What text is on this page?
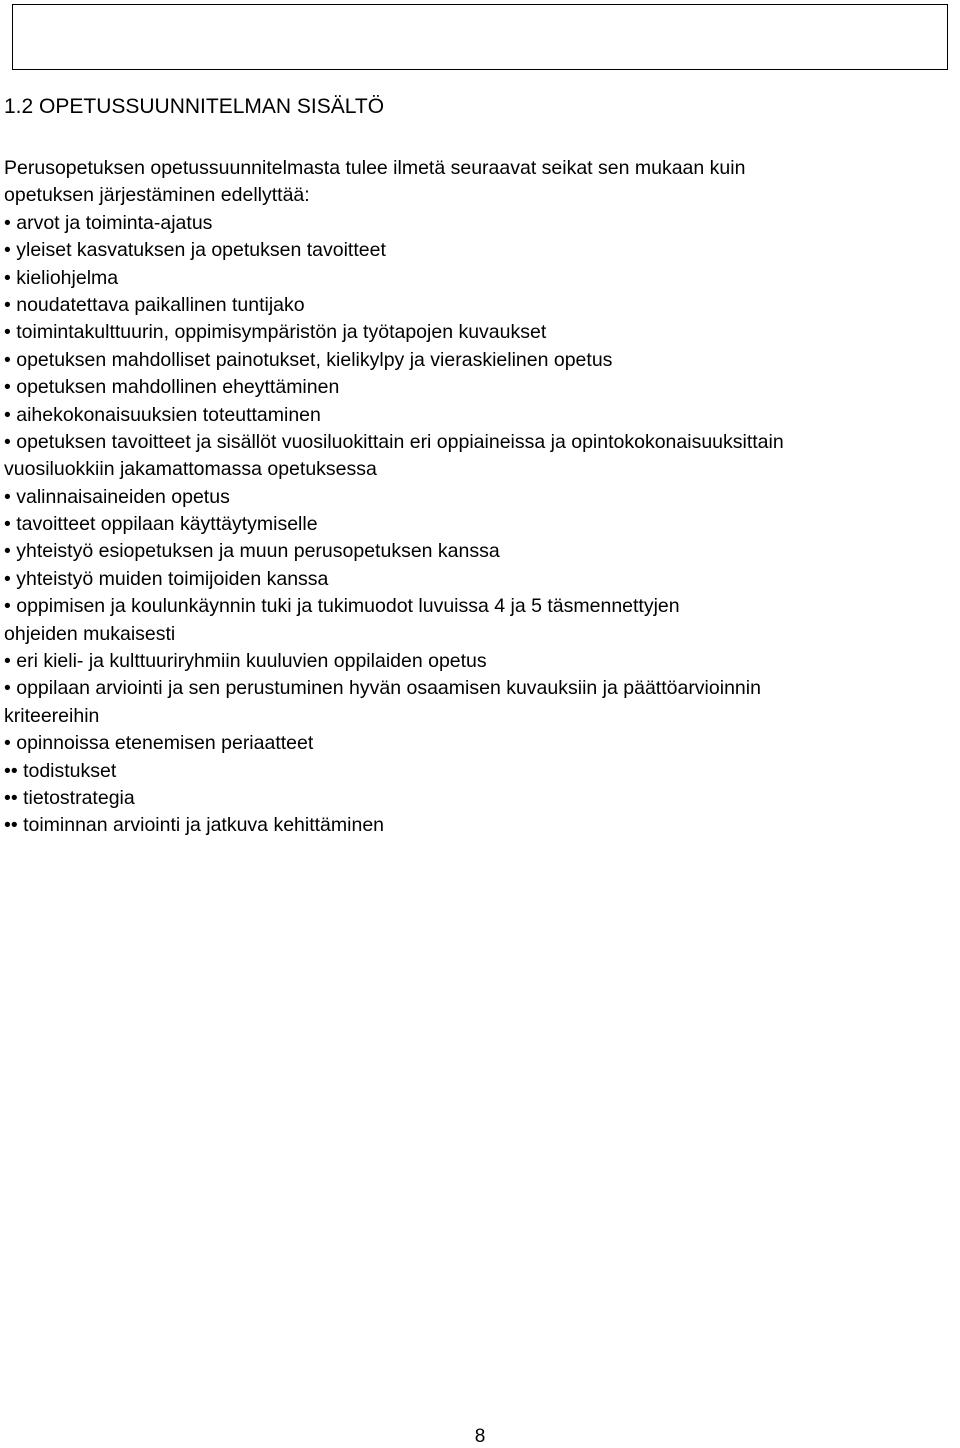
1.2 OPETUSSUUNNITELMAN SISÄLTÖ
Perusopetuksen opetussuunnitelmasta tulee ilmetä seuraavat seikat sen mukaan kuin
opetuksen järjestäminen edellyttää:
• arvot ja toiminta-ajatus
• yleiset kasvatuksen ja opetuksen tavoitteet
• kieliohjelma
• noudatettava paikallinen tuntijako
• toimintakulttuurin, oppimisympäristön ja työtapojen kuvaukset
• opetuksen mahdolliset painotukset, kielikylpy ja vieraskielinen opetus
• opetuksen mahdollinen eheyttäminen
• aihekokonaisuuksien toteuttaminen
• opetuksen tavoitteet ja sisällöt vuosiluokittain eri oppiaineissa ja opintokokonaisuuksittain
vuosiluokkiin jakamattomassa opetuksessa
• valinnaisaineiden opetus
• tavoitteet oppilaan käyttäytymiselle
• yhteistyö esiopetuksen ja muun perusopetuksen kanssa
• yhteistyö muiden toimijoiden kanssa
• oppimisen ja koulunkäynnin tuki ja tukimuodot luvuissa 4 ja 5 täsmennettyjen
ohjeiden mukaisesti
• eri kieli- ja kulttuuriryhmiin kuuluvien oppilaiden opetus
• oppilaan arviointi ja sen perustuminen hyvän osaamisen kuvauksiin ja päättöarvioinnin
kriteereihin
• opinnoissa etenemisen periaatteet
•• todistukset
•• tietostrategia
•• toiminnan arviointi ja jatkuva kehittäminen
8
